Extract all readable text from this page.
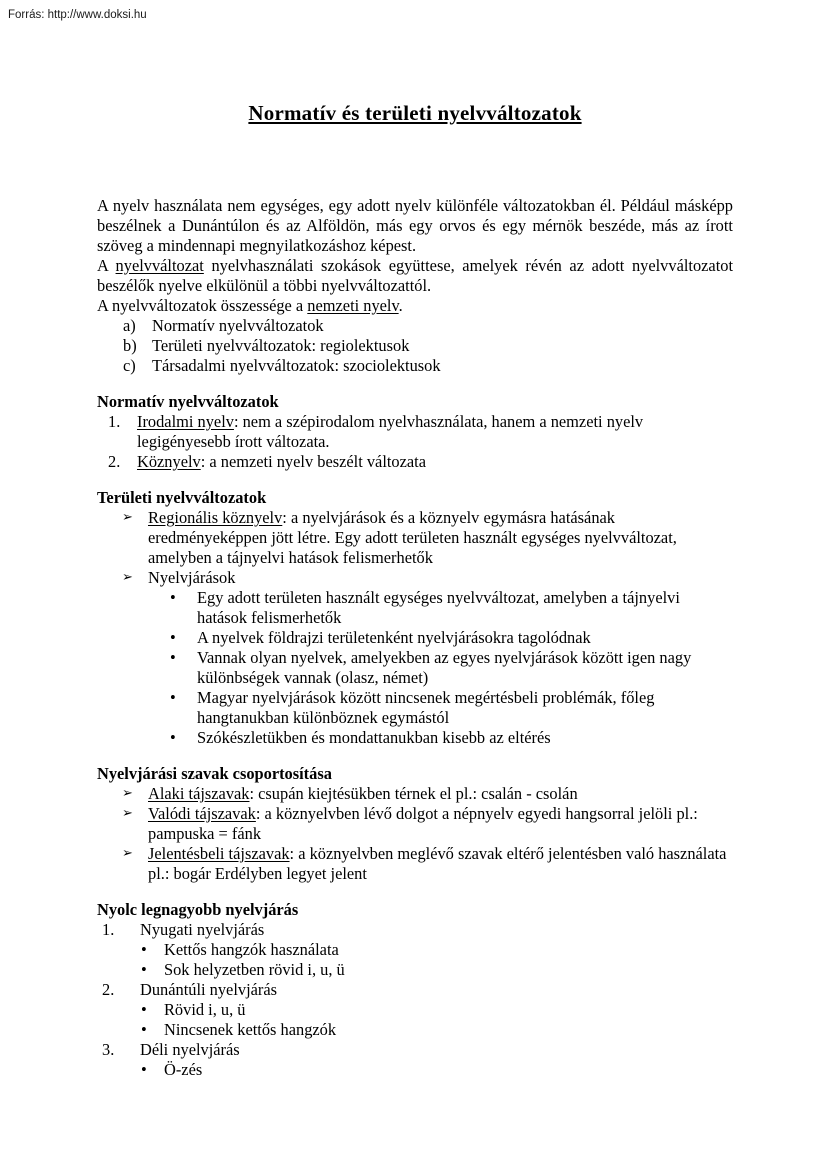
Forrás: http://www.doksi.hu
Normatív és területi nyelvváltozatok

A nyelv használata nem egységes, egy adott nyelv különféle változatokban él. Például másképp beszélnek a Dunántúlon és az Alföldön, más egy orvos és egy mérnök beszéde, más az írott szöveg a mindennapi megnyilatkozáshoz képest.

A nyelvváltozat nyelvhasználati szokások együttese, amelyek révén az adott nyelvváltozatot beszélők nyelve elkülönül a többi nyelvváltozattól.

A nyelvváltozatok összessége a nemzeti nyelv.

a) Normatív nyelvváltozatok
b) Területi nyelvváltozatok: regiolektusok
c) Társadalmi nyelvváltozatok: szociolektusok
Normatív nyelvváltozatok
1.	Irodalmi nyelv: nem a szépirodalom nyelvhasználata, hanem a nemzeti nyelv legigényesebb írott változata.
2.	Köznyelv: a nemzeti nyelv beszélt változata
Területi nyelvváltozatok
➢ Regionális köznyelv: a nyelvjárások és a köznyelv egymásra hatásának eredményeképpen jött létre. Egy adott területen használt egységes nyelvváltozat, amelyben a tájnyelvi hatások felismerhetők
➢ Nyelvjárások
•	Egy adott területen használt egységes nyelvváltozat, amelyben a tájnyelvi hatások felismerhetők
•	A nyelvek földrajzi területenként nyelvjárásokra tagolódnak
•	Vannak olyan nyelvek, amelyekben az egyes nyelvjárások között igen nagy különbségek vannak (olasz, német)
•	Magyar nyelvjárások között nincsenek megértésbeli problémák, főleg hangtanukban különböznek egymástól
•	Szókészletükben és mondattanukban kisebb az eltérés
Nyelvjárási szavak csoportosítása
➢ Alaki tájszavak: csupán kiejtésükben térnek el pl.: csalán - csolán
➢ Valódi tájszavak: a köznyelvben lévő dolgot a népnyelv egyedi hangsorral jelöli pl.: pampuska = fánk
➢ Jelentésbeli tájszavak: a köznyelvben meglévő szavak eltérő jelentésben való használata pl.: bogár Erdélyben legyet jelent
Nyolc legnagyobb nyelvjárás
1.	Nyugati nyelvjárás
•	Kettős hangzók használata
•	Sok helyzetben rövid i, u, ü
2.	Dunántúli nyelvjárás
•	Rövid i, u, ü
•	Nincsenek kettős hangzók
3.	Déli nyelvjárás
•	Ö-zés
